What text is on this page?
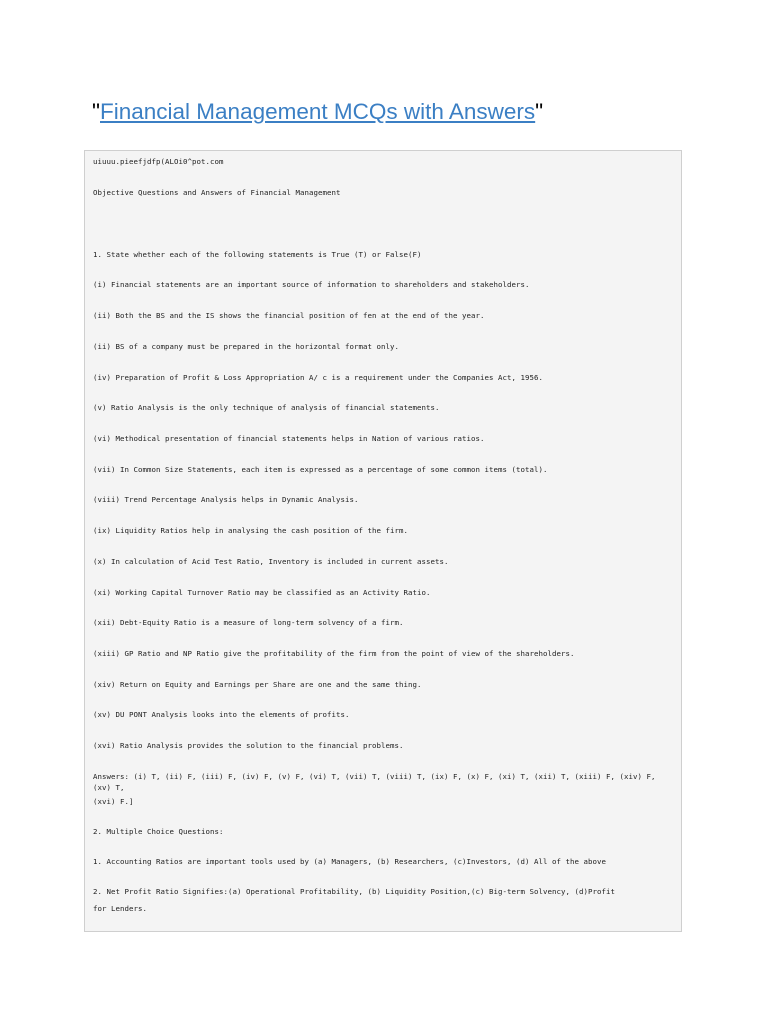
"Financial Management MCQs with Answers"

uiuuu.pieefjdfp(ALOi0^pot.com

Objective Questions and Answers of Financial Management

1. State whether each of the following statements is True (T) or False(F)

(i) Financial statements are an important source of information to shareholders and stakeholders.

(ii) Both the BS and the IS shows the financial position of fen at the end of the year.

(ii) BS of a company must be prepared in the horizontal format only.

(iv) Preparation of Profit & Loss Appropriation A/ c is a requirement under the Companies Act, 1956.

(v) Ratio Analysis is the only technique of analysis of financial statements.

(vi) Methodical presentation of financial statements helps in Nation of various ratios.

(vii) In Common Size Statements, each item is expressed as a percentage of some common items (total).

(viii) Trend Percentage Analysis helps in Dynamic Analysis.

(ix) Liquidity Ratios help in analysing the cash position of the firm.

(x) In calculation of Acid Test Ratio, Inventory is included in current assets.

(xi) Working Capital Turnover Ratio may be classified as an Activity Ratio.

(xii) Debt-Equity Ratio is a measure of long-term solvency of a firm.

(xiii) GP Ratio and NP Ratio give the profitability of the firm from the point of view of the shareholders.

(xiv) Return on Equity and Earnings per Share are one and the same thing.

(xv) DU PONT Analysis looks into the elements of profits.

(xvi) Ratio Analysis provides the solution to the financial problems.

Answers: (i) T, (ii) F, (iii) F, (iv) F, (v) F, (vi) T, (vii) T, (viii) T, (ix) F, (x) F, (xi) T, (xii) T, (xiii) F, (xiv) F,

(xv) T,

(xvi) F.]

2. Multiple Choice Questions:

1. Accounting Ratios are important tools used by (a) Managers, (b) Researchers, (c)Investors, (d) All of the above

2. Net Profit Ratio Signifies:(a) Operational Profitability, (b) Liquidity Position,(c) Big-term Solvency, (d)Profit

for Lenders.
